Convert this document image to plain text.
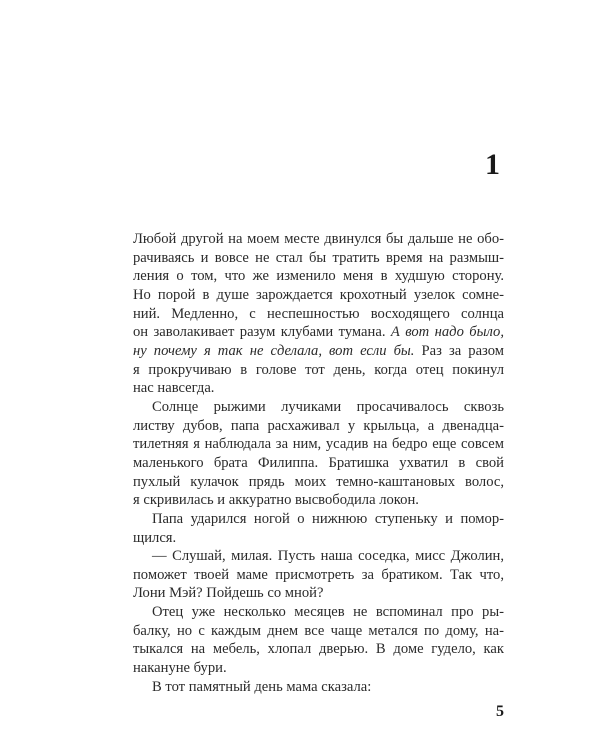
1
Любой другой на моем месте двинулся бы дальше не обо-
рачиваясь и вовсе не стал бы тратить время на размыш-
ления о том, что же изменило меня в худшую сторону.
Но порой в душе зарождается крохотный узелок сомне-
ний. Медленно, с неспешностью восходящего солнца
он заволакивает разум клубами тумана. А вот надо было,
ну почему я так не сделала, вот если бы. Раз за разом
я прокручиваю в голове тот день, когда отец покинул
нас навсегда.
Солнце рыжими лучиками просачивалось сквозь
листву дубов, папа расхаживал у крыльца, а двенадца-
тилетняя я наблюдала за ним, усадив на бедро еще совсем
маленького брата Филиппа. Братишка ухватил в свой
пухлый кулачок прядь моих темно-каштановых волос,
я скривилась и аккуратно высвободила локон.
Папа ударился ногой о нижнюю ступеньку и помор-
щился.
— Слушай, милая. Пусть наша соседка, мисс Джолин,
поможет твоей маме присмотреть за братиком. Так что,
Лони Мэй? Пойдешь со мной?
Отец уже несколько месяцев не вспоминал про ры-
балку, но с каждым днем все чаще метался по дому, на-
тыкался на мебель, хлопал дверью. В доме гудело, как
накануне бури.
В тот памятный день мама сказала:
5
